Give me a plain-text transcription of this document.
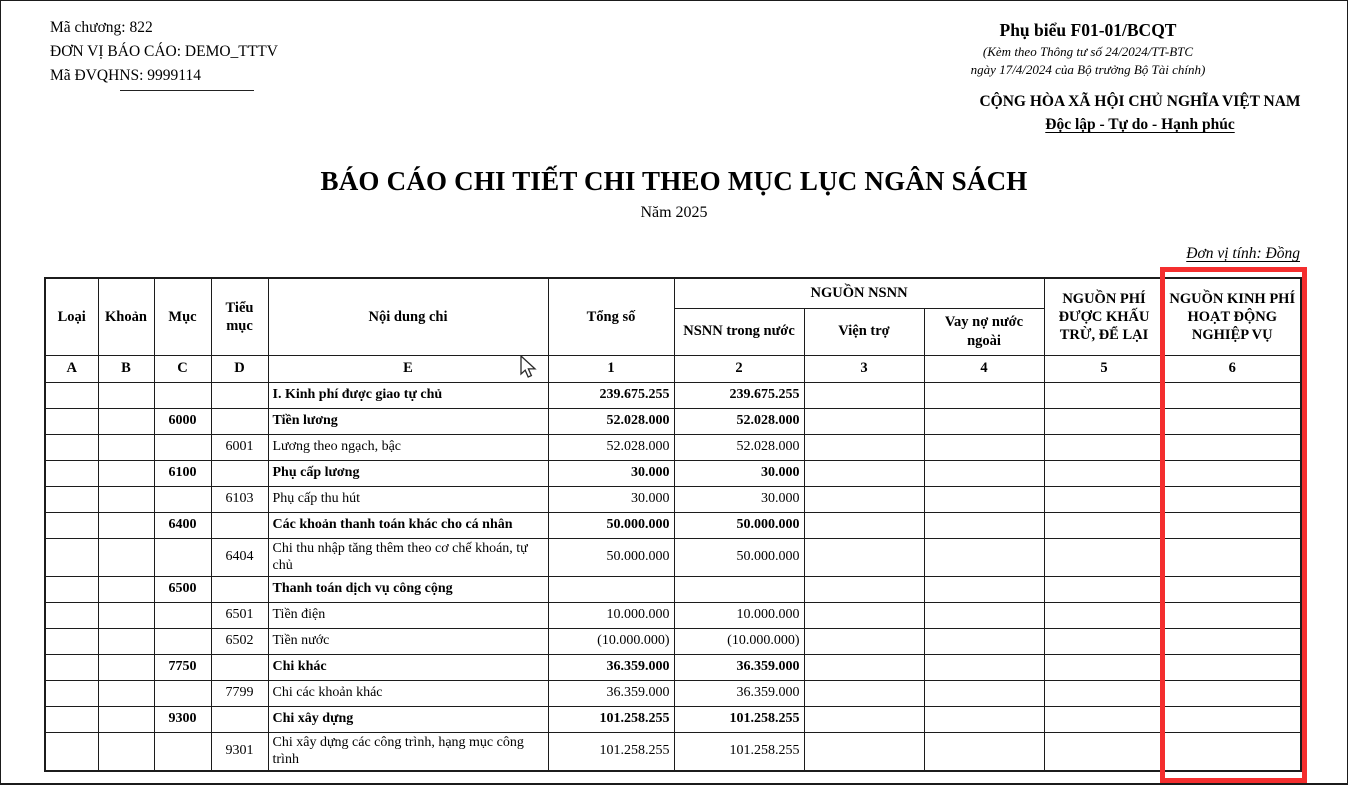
Mã chương: 822
ĐƠN VỊ BÁO CÁO: DEMO_TTTV
Mã ĐVQHNS: 9999114
Phụ biểu F01-01/BCQT
(Kèm theo Thông tư số 24/2024/TT-BTC
ngày 17/4/2024 của Bộ trưởng Bộ Tài chính)
CỘNG HÒA XÃ HỘI CHỦ NGHĨA VIỆT NAM
Độc lập - Tự do - Hạnh phúc
BÁO CÁO CHI TIẾT CHI THEO MỤC LỤC NGÂN SÁCH
Năm 2025
Đơn vị tính: Đồng
Loại	Khoản	Mục	Tiểu mục	Nội dung chi	Tổng số	NGUỒN NSNN			NGUỒN PHÍ ĐƯỢC KHẤU TRỪ, ĐỂ LẠI	NGUỒN KINH PHÍ HOẠT ĐỘNG NGHIỆP VỤ
						NSNN trong nước	Viện trợ	Vay nợ nước ngoài		
A	B	C	D	E	1	2	3	4	5	6
				I. Kinh phí được giao tự chủ	239.675.255	239.675.255				
		6000		Tiền lương	52.028.000	52.028.000				
			6001	Lương theo ngạch, bậc	52.028.000	52.028.000				
		6100		Phụ cấp lương	30.000	30.000				
			6103	Phụ cấp thu hút	30.000	30.000				
		6400		Các khoản thanh toán khác cho cá nhân	50.000.000	50.000.000				
			6404	Chi thu nhập tăng thêm theo cơ chế khoán, tự chủ	50.000.000	50.000.000				
		6500		Thanh toán dịch vụ công cộng						
			6501	Tiền điện	10.000.000	10.000.000				
			6502	Tiền nước	(10.000.000)	(10.000.000)				
		7750		Chi khác	36.359.000	36.359.000				
			7799	Chi các khoản khác	36.359.000	36.359.000				
		9300		Chi xây dựng	101.258.255	101.258.255				
			9301	Chi xây dựng các công trình, hạng mục công trình	101.258.255	101.258.255				
